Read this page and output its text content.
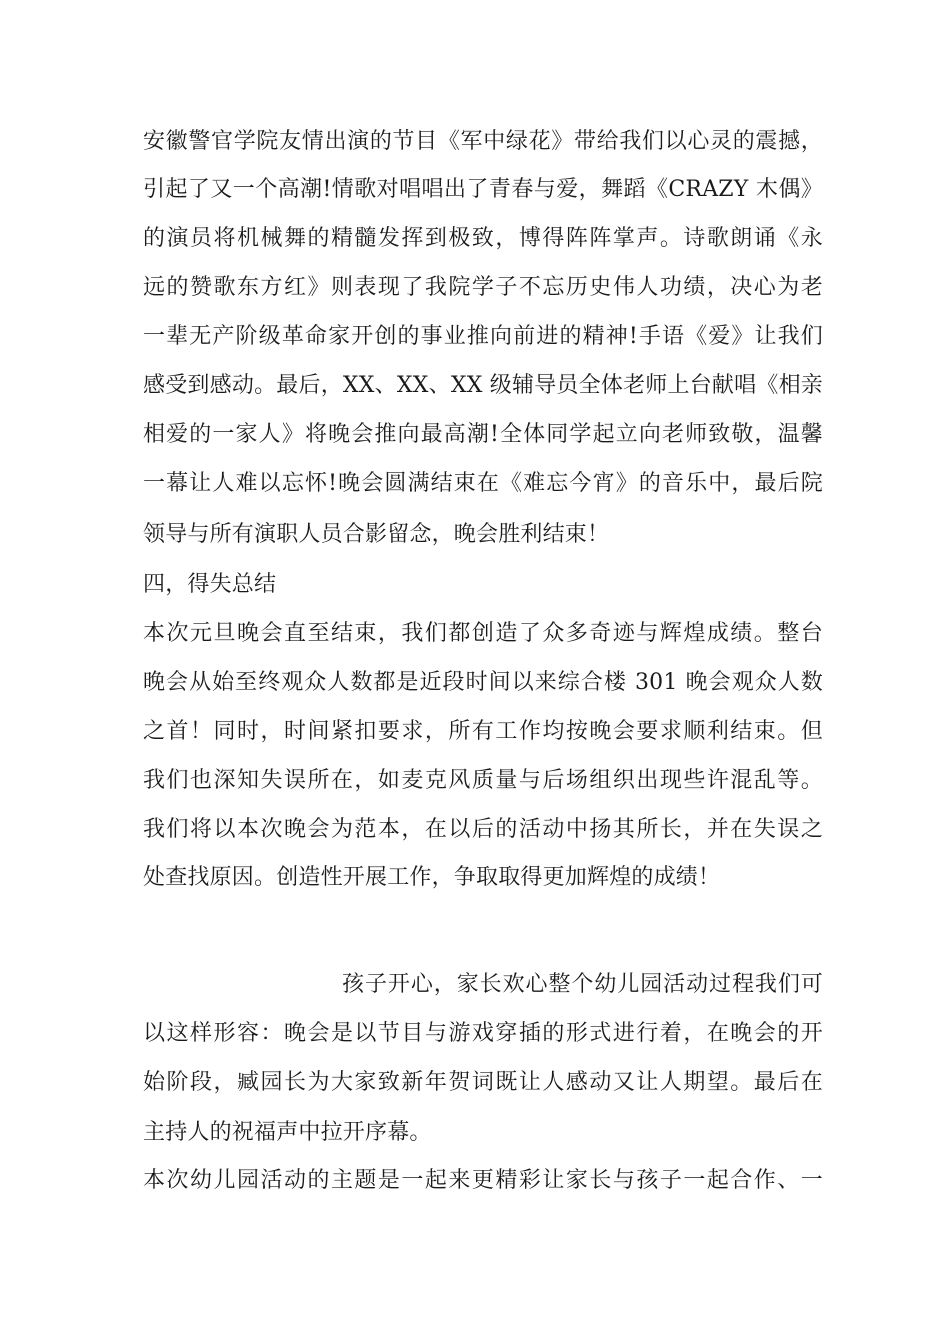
安徽警官学院友情出演的节目《军中绿花》带给我们以心灵的震撼，
引起了又一个高潮!情歌对唱唱出了青春与爱，舞蹈《CRAZY 木偶》
的演员将机械舞的精髓发挥到极致，博得阵阵掌声。诗歌朗诵《永
远的赞歌东方红》则表现了我院学子不忘历史伟人功绩，决心为老
一辈无产阶级革命家开创的事业推向前进的精神!手语《爱》让我们
感受到感动。最后，XX、XX、XX 级辅导员全体老师上台献唱《相亲
相爱的一家人》将晚会推向最高潮!全体同学起立向老师致敬，温馨
一幕让人难以忘怀!晚会圆满结束在《难忘今宵》的音乐中，最后院
领导与所有演职人员合影留念，晚会胜利结束！
四，得失总结
本次元旦晚会直至结束，我们都创造了众多奇迹与辉煌成绩。整台
晚会从始至终观众人数都是近段时间以来综合楼 301 晚会观众人数
之首！同时，时间紧扣要求，所有工作均按晚会要求顺利结束。但
我们也深知失误所在，如麦克风质量与后场组织出现些许混乱等。
我们将以本次晚会为范本，在以后的活动中扬其所长，并在失误之
处查找原因。创造性开展工作，争取取得更加辉煌的成绩！
孩子开心，家长欢心整个幼儿园活动过程我们可
以这样形容：晚会是以节目与游戏穿插的形式进行着，在晚会的开
始阶段，臧园长为大家致新年贺词既让人感动又让人期望。最后在
主持人的祝福声中拉开序幕。
本次幼儿园活动的主题是一起来更精彩让家长与孩子一起合作、一
